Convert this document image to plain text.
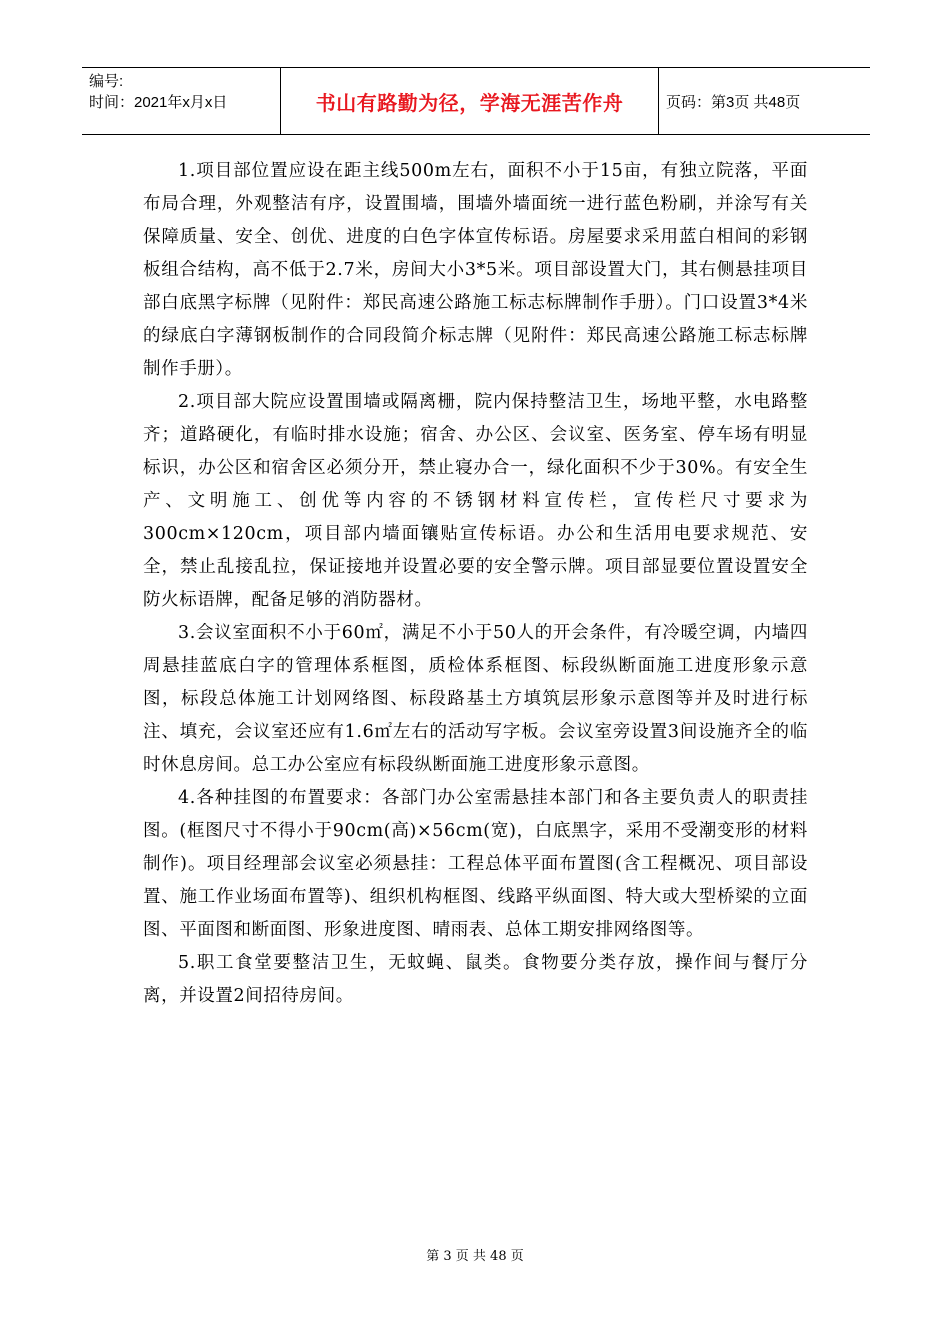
编号:
时间：2021年x月x日	书山有路勤为径，学海无涯苦作舟	页码：第3页 共48页

1.项目部位置应设在距主线500m左右，面积不小于15亩，有独立院落，平面布局合理，外观整洁有序，设置围墙，围墙外墙面统一进行蓝色粉刷，并涂写有关保障质量、安全、创优、进度的白色字体宣传标语。房屋要求采用蓝白相间的彩钢板组合结构，高不低于2.7米，房间大小3*5米。项目部设置大门，其右侧悬挂项目部白底黑字标牌（见附件：郑民高速公路施工标志标牌制作手册）。门口设置3*4米的绿底白字薄钢板制作的合同段简介标志牌（见附件：郑民高速公路施工标志标牌制作手册）。

2.项目部大院应设置围墙或隔离栅，院内保持整洁卫生，场地平整，水电路整齐；道路硬化，有临时排水设施；宿舍、办公区、会议室、医务室、停车场有明显标识，办公区和宿舍区必须分开，禁止寝办合一，绿化面积不少于30%。有安全生产、文明施工、创优等内容的不锈钢材料宣传栏，宣传栏尺寸要求为300cm×120cm，项目部内墙面镶贴宣传标语。办公和生活用电要求规范、安全，禁止乱接乱拉，保证接地并设置必要的安全警示牌。项目部显要位置设置安全防火标语牌，配备足够的消防器材。

3.会议室面积不小于60㎡，满足不小于50人的开会条件，有冷暖空调，内墙四周悬挂蓝底白字的管理体系框图，质检体系框图、标段纵断面施工进度形象示意图，标段总体施工计划网络图、标段路基土方填筑层形象示意图等并及时进行标注、填充，会议室还应有1.6㎡左右的活动写字板。会议室旁设置3间设施齐全的临时休息房间。总工办公室应有标段纵断面施工进度形象示意图。

4.各种挂图的布置要求：各部门办公室需悬挂本部门和各主要负责人的职责挂图。(框图尺寸不得小于90cm(高)×56cm(宽)，白底黑字，采用不受潮变形的材料制作)。项目经理部会议室必须悬挂：工程总体平面布置图(含工程概况、项目部设置、施工作业场面布置等)、组织机构框图、线路平纵面图、特大或大型桥梁的立面图、平面图和断面图、形象进度图、晴雨表、总体工期安排网络图等。

5.职工食堂要整洁卫生，无蚊蝇、鼠类。食物要分类存放，操作间与餐厅分离，并设置2间招待房间。

第 3 页 共 48 页
